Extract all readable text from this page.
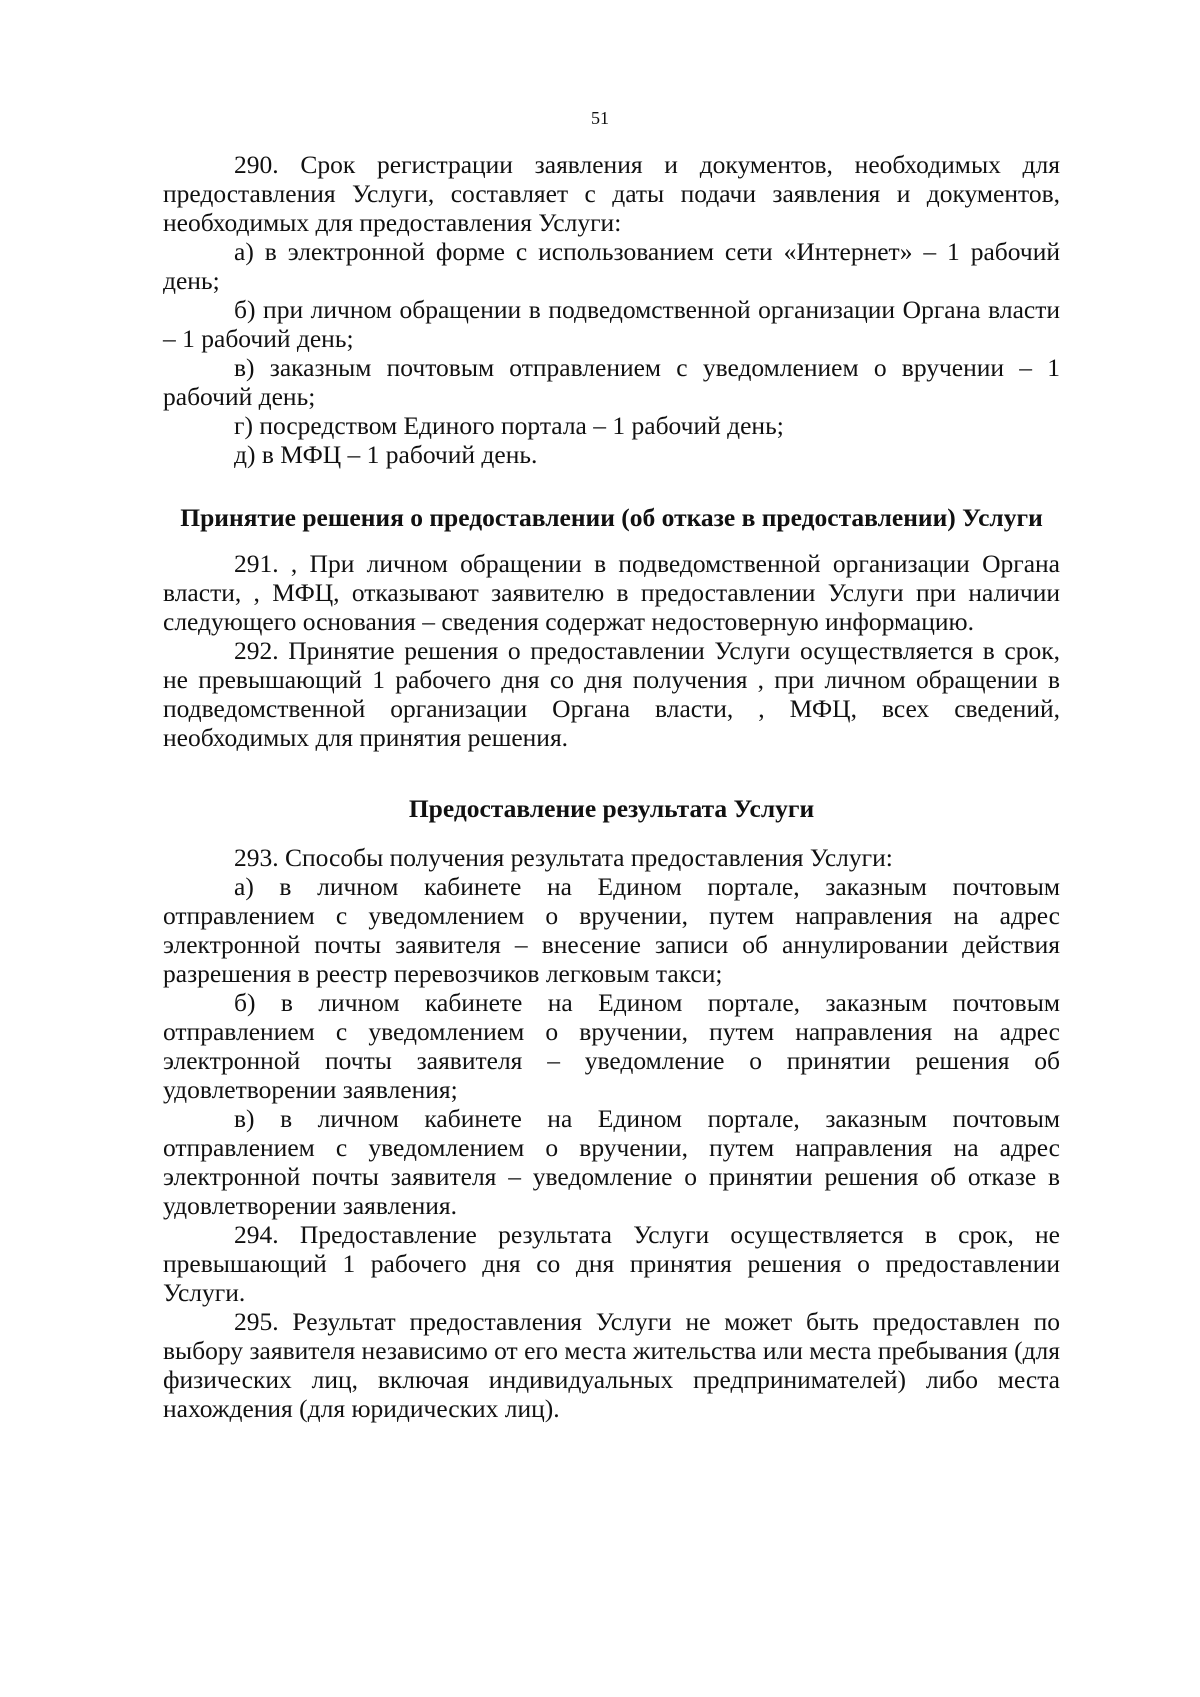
51

290. Срок регистрации заявления и документов, необходимых для предоставления Услуги, составляет с даты подачи заявления и документов, необходимых для предоставления Услуги:

а) в электронной форме с использованием сети «Интернет» – 1 рабочий день;

б) при личном обращении в подведомственной организации Органа власти – 1 рабочий день;

в) заказным почтовым отправлением с уведомлением о вручении – 1 рабочий день;

г) посредством Единого портала – 1 рабочий день;

д) в МФЦ – 1 рабочий день.

Принятие решения о предоставлении (об отказе в предоставлении) Услуги

291. , При личном обращении в подведомственной организации Органа власти, , МФЦ, отказывают заявителю в предоставлении Услуги при наличии следующего основания – сведения содержат недостоверную информацию.

292. Принятие решения о предоставлении Услуги осуществляется в срок, не превышающий 1 рабочего дня со дня получения , при личном обращении в подведомственной организации Органа власти, , МФЦ, всех сведений, необходимых для принятия решения.

Предоставление результата Услуги

293. Способы получения результата предоставления Услуги:

а) в личном кабинете на Едином портале, заказным почтовым отправлением с уведомлением о вручении, путем направления на адрес электронной почты заявителя – внесение записи об аннулировании действия разрешения в реестр перевозчиков легковым такси;

б) в личном кабинете на Едином портале, заказным почтовым отправлением с уведомлением о вручении, путем направления на адрес электронной почты заявителя – уведомление о принятии решения об удовлетворении заявления;

в) в личном кабинете на Едином портале, заказным почтовым отправлением с уведомлением о вручении, путем направления на адрес электронной почты заявителя – уведомление о принятии решения об отказе в удовлетворении заявления.

294. Предоставление результата Услуги осуществляется в срок, не превышающий 1 рабочего дня со дня принятия решения о предоставлении Услуги.

295. Результат предоставления Услуги не может быть предоставлен по выбору заявителя независимо от его места жительства или места пребывания (для физических лиц, включая индивидуальных предпринимателей) либо места нахождения (для юридических лиц).
